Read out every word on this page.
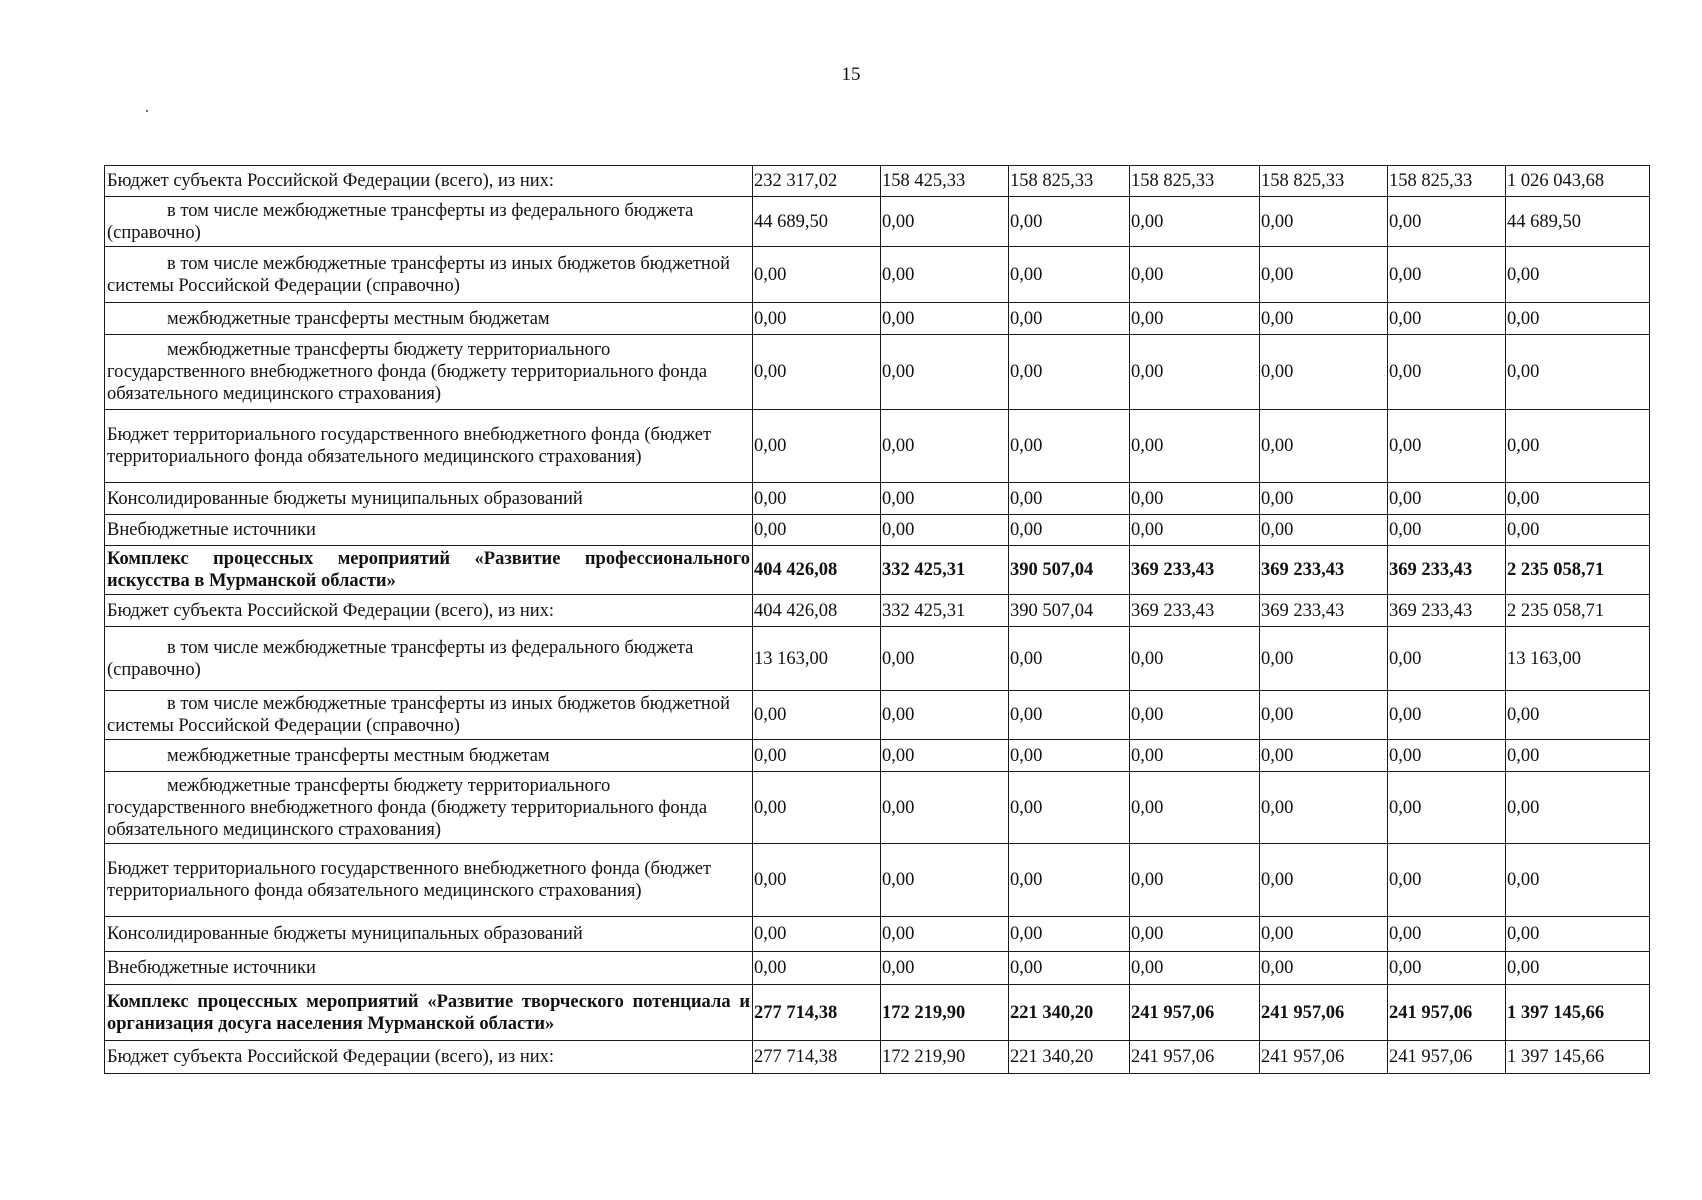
15
Бюджет субъекта Российской Федерации (всего), из них:	232 317,02	158 425,33	158 825,33	158 825,33	158 825,33	158 825,33	1 026 043,68
в том числе межбюджетные трансферты из федерального бюджета (справочно)	44 689,50	0,00	0,00	0,00	0,00	0,00	44 689,50
в том числе межбюджетные трансферты из иных бюджетов бюджетной системы Российской Федерации (справочно)	0,00	0,00	0,00	0,00	0,00	0,00	0,00
межбюджетные трансферты местным бюджетам	0,00	0,00	0,00	0,00	0,00	0,00	0,00
межбюджетные трансферты бюджету территориального государственного внебюджетного фонда (бюджету территориального фонда обязательного медицинского страхования)	0,00	0,00	0,00	0,00	0,00	0,00	0,00
Бюджет территориального государственного внебюджетного фонда (бюджет территориального фонда обязательного медицинского страхования)	0,00	0,00	0,00	0,00	0,00	0,00	0,00
Консолидированные бюджеты муниципальных образований	0,00	0,00	0,00	0,00	0,00	0,00	0,00
Внебюджетные источники	0,00	0,00	0,00	0,00	0,00	0,00	0,00
Комплекс процессных мероприятий «Развитие профессионального искусства в Мурманской области»	404 426,08	332 425,31	390 507,04	369 233,43	369 233,43	369 233,43	2 235 058,71
Бюджет субъекта Российской Федерации (всего), из них:	404 426,08	332 425,31	390 507,04	369 233,43	369 233,43	369 233,43	2 235 058,71
в том числе межбюджетные трансферты из федерального бюджета (справочно)	13 163,00	0,00	0,00	0,00	0,00	0,00	13 163,00
в том числе межбюджетные трансферты из иных бюджетов бюджетной системы Российской Федерации (справочно)	0,00	0,00	0,00	0,00	0,00	0,00	0,00
межбюджетные трансферты местным бюджетам	0,00	0,00	0,00	0,00	0,00	0,00	0,00
межбюджетные трансферты бюджету территориального государственного внебюджетного фонда (бюджету территориального фонда обязательного медицинского страхования)	0,00	0,00	0,00	0,00	0,00	0,00	0,00
Бюджет территориального государственного внебюджетного фонда (бюджет территориального фонда обязательного медицинского страхования)	0,00	0,00	0,00	0,00	0,00	0,00	0,00
Консолидированные бюджеты муниципальных образований	0,00	0,00	0,00	0,00	0,00	0,00	0,00
Внебюджетные источники	0,00	0,00	0,00	0,00	0,00	0,00	0,00
Комплекс процессных мероприятий «Развитие творческого потенциала и организация досуга населения Мурманской области»	277 714,38	172 219,90	221 340,20	241 957,06	241 957,06	241 957,06	1 397 145,66
Бюджет субъекта Российской Федерации (всего), из них:	277 714,38	172 219,90	221 340,20	241 957,06	241 957,06	241 957,06	1 397 145,66
